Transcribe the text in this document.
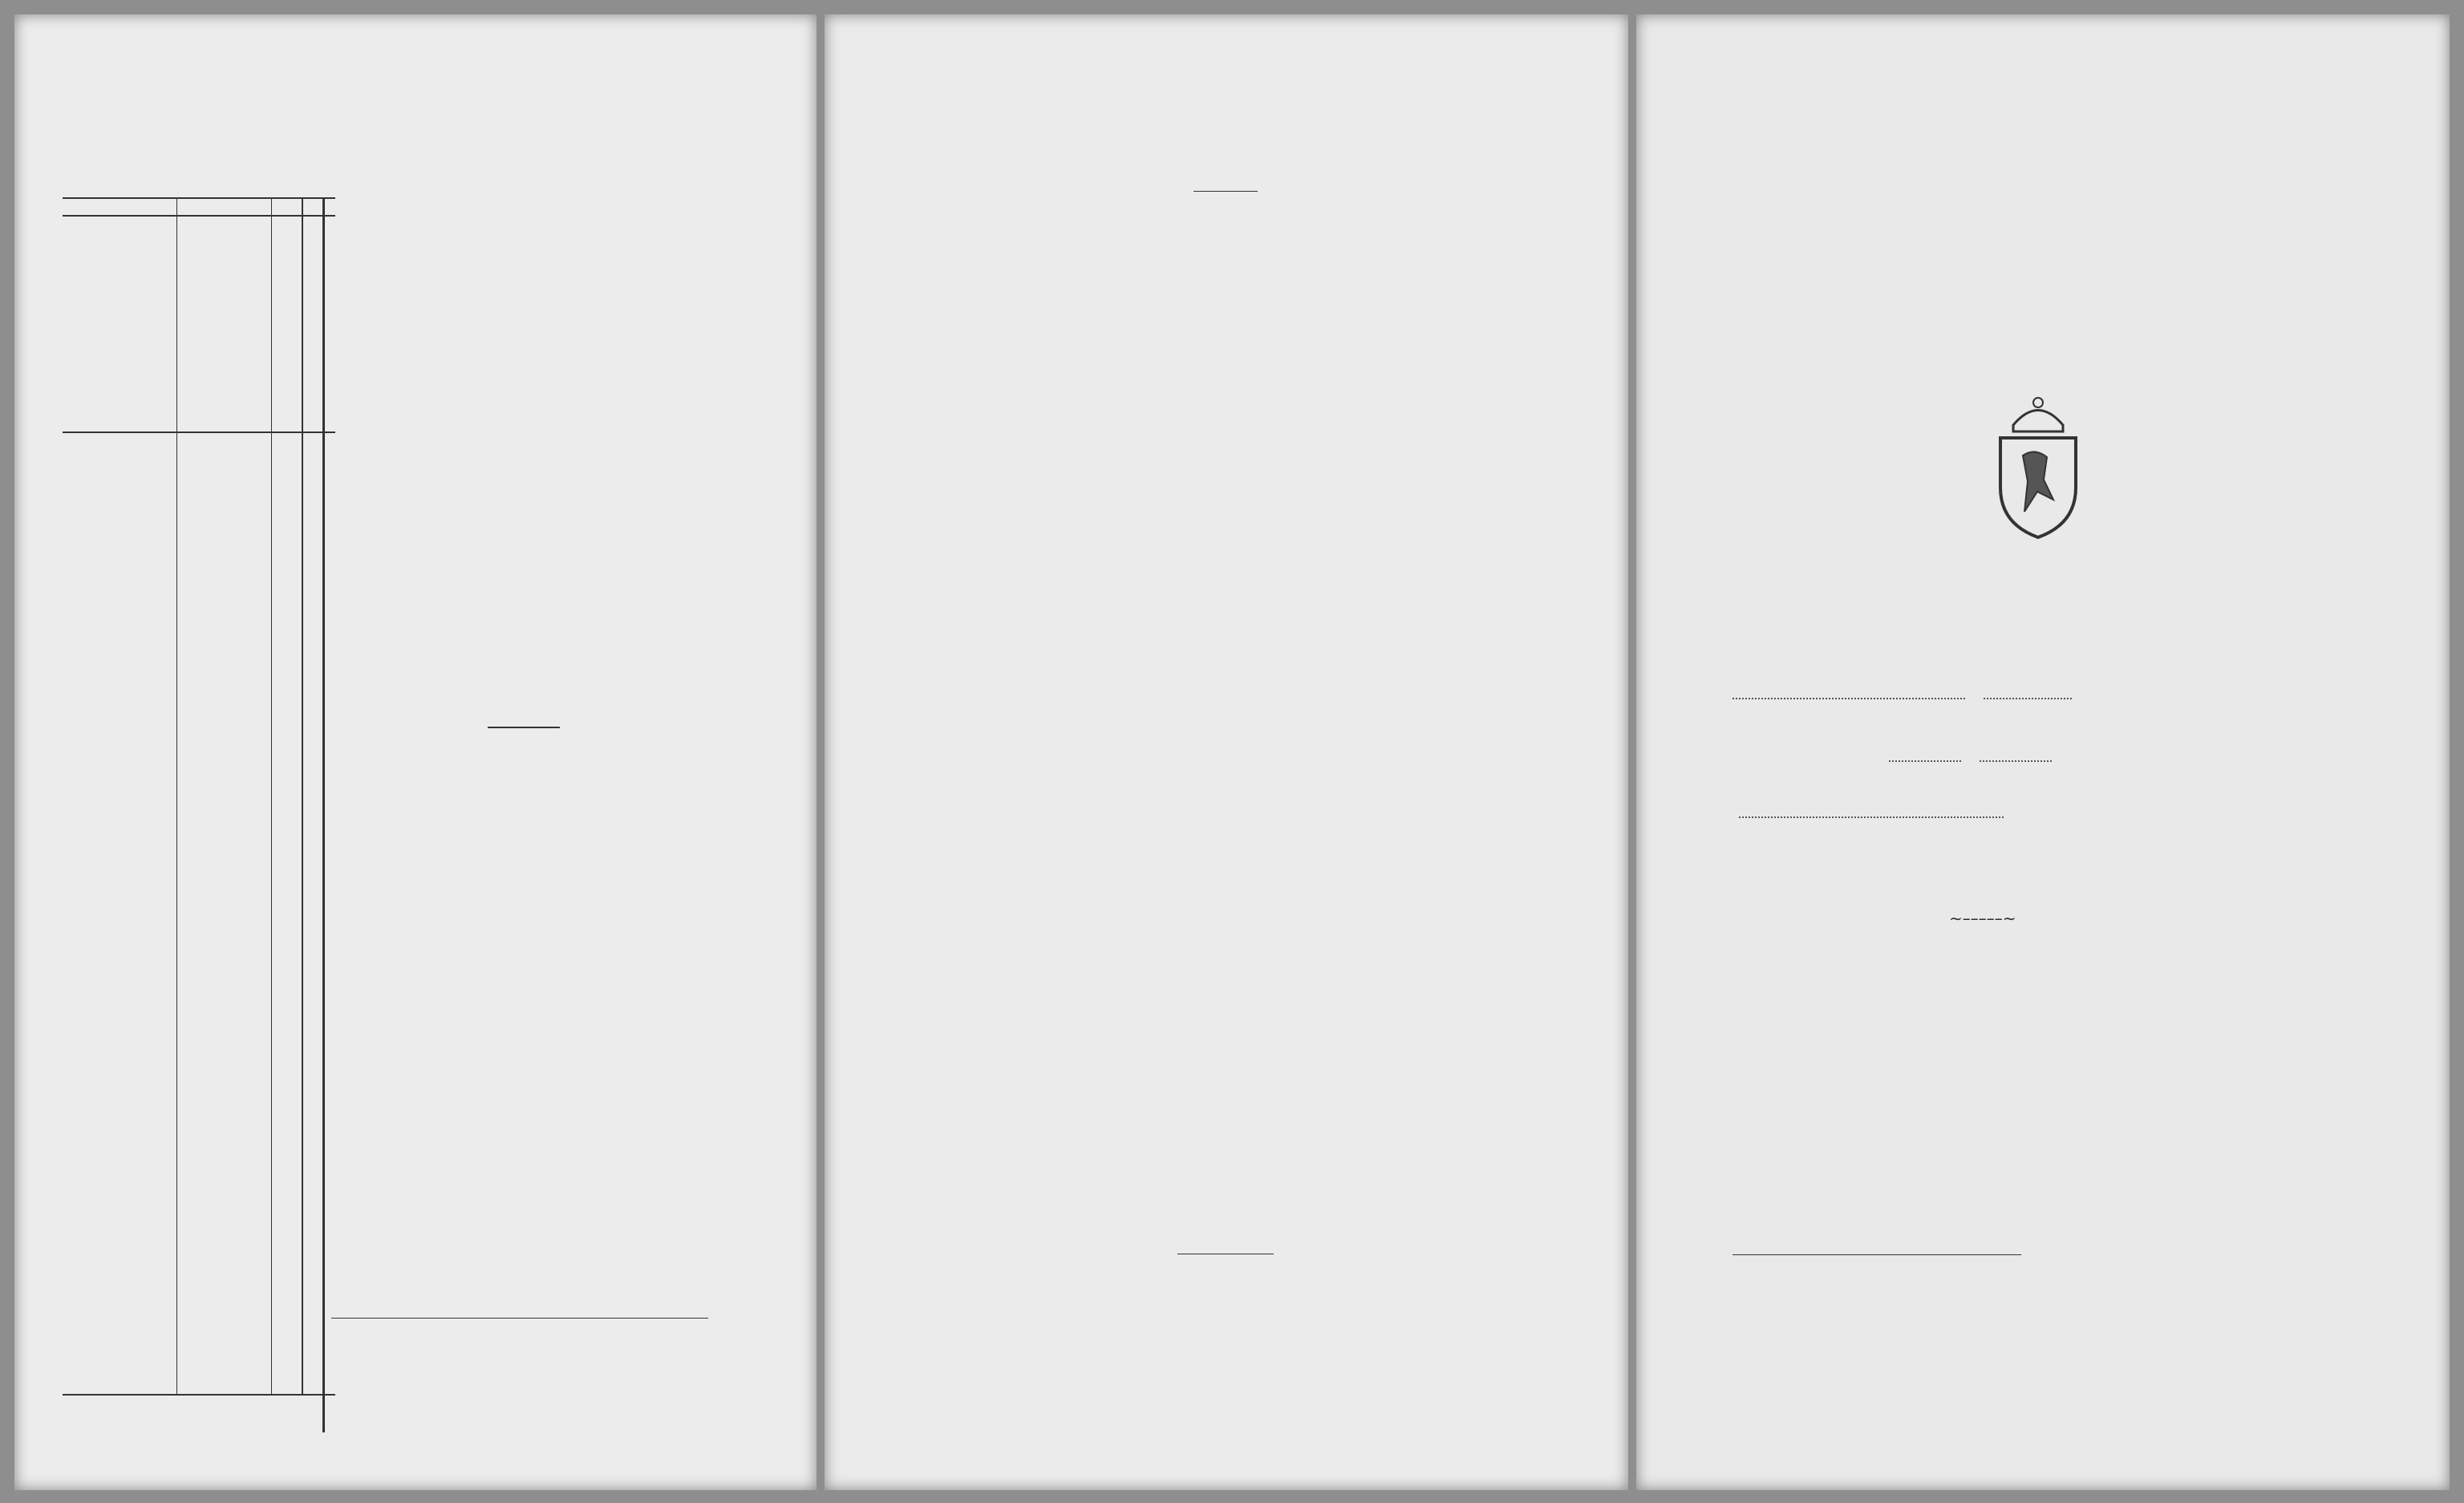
∼–––––∼
